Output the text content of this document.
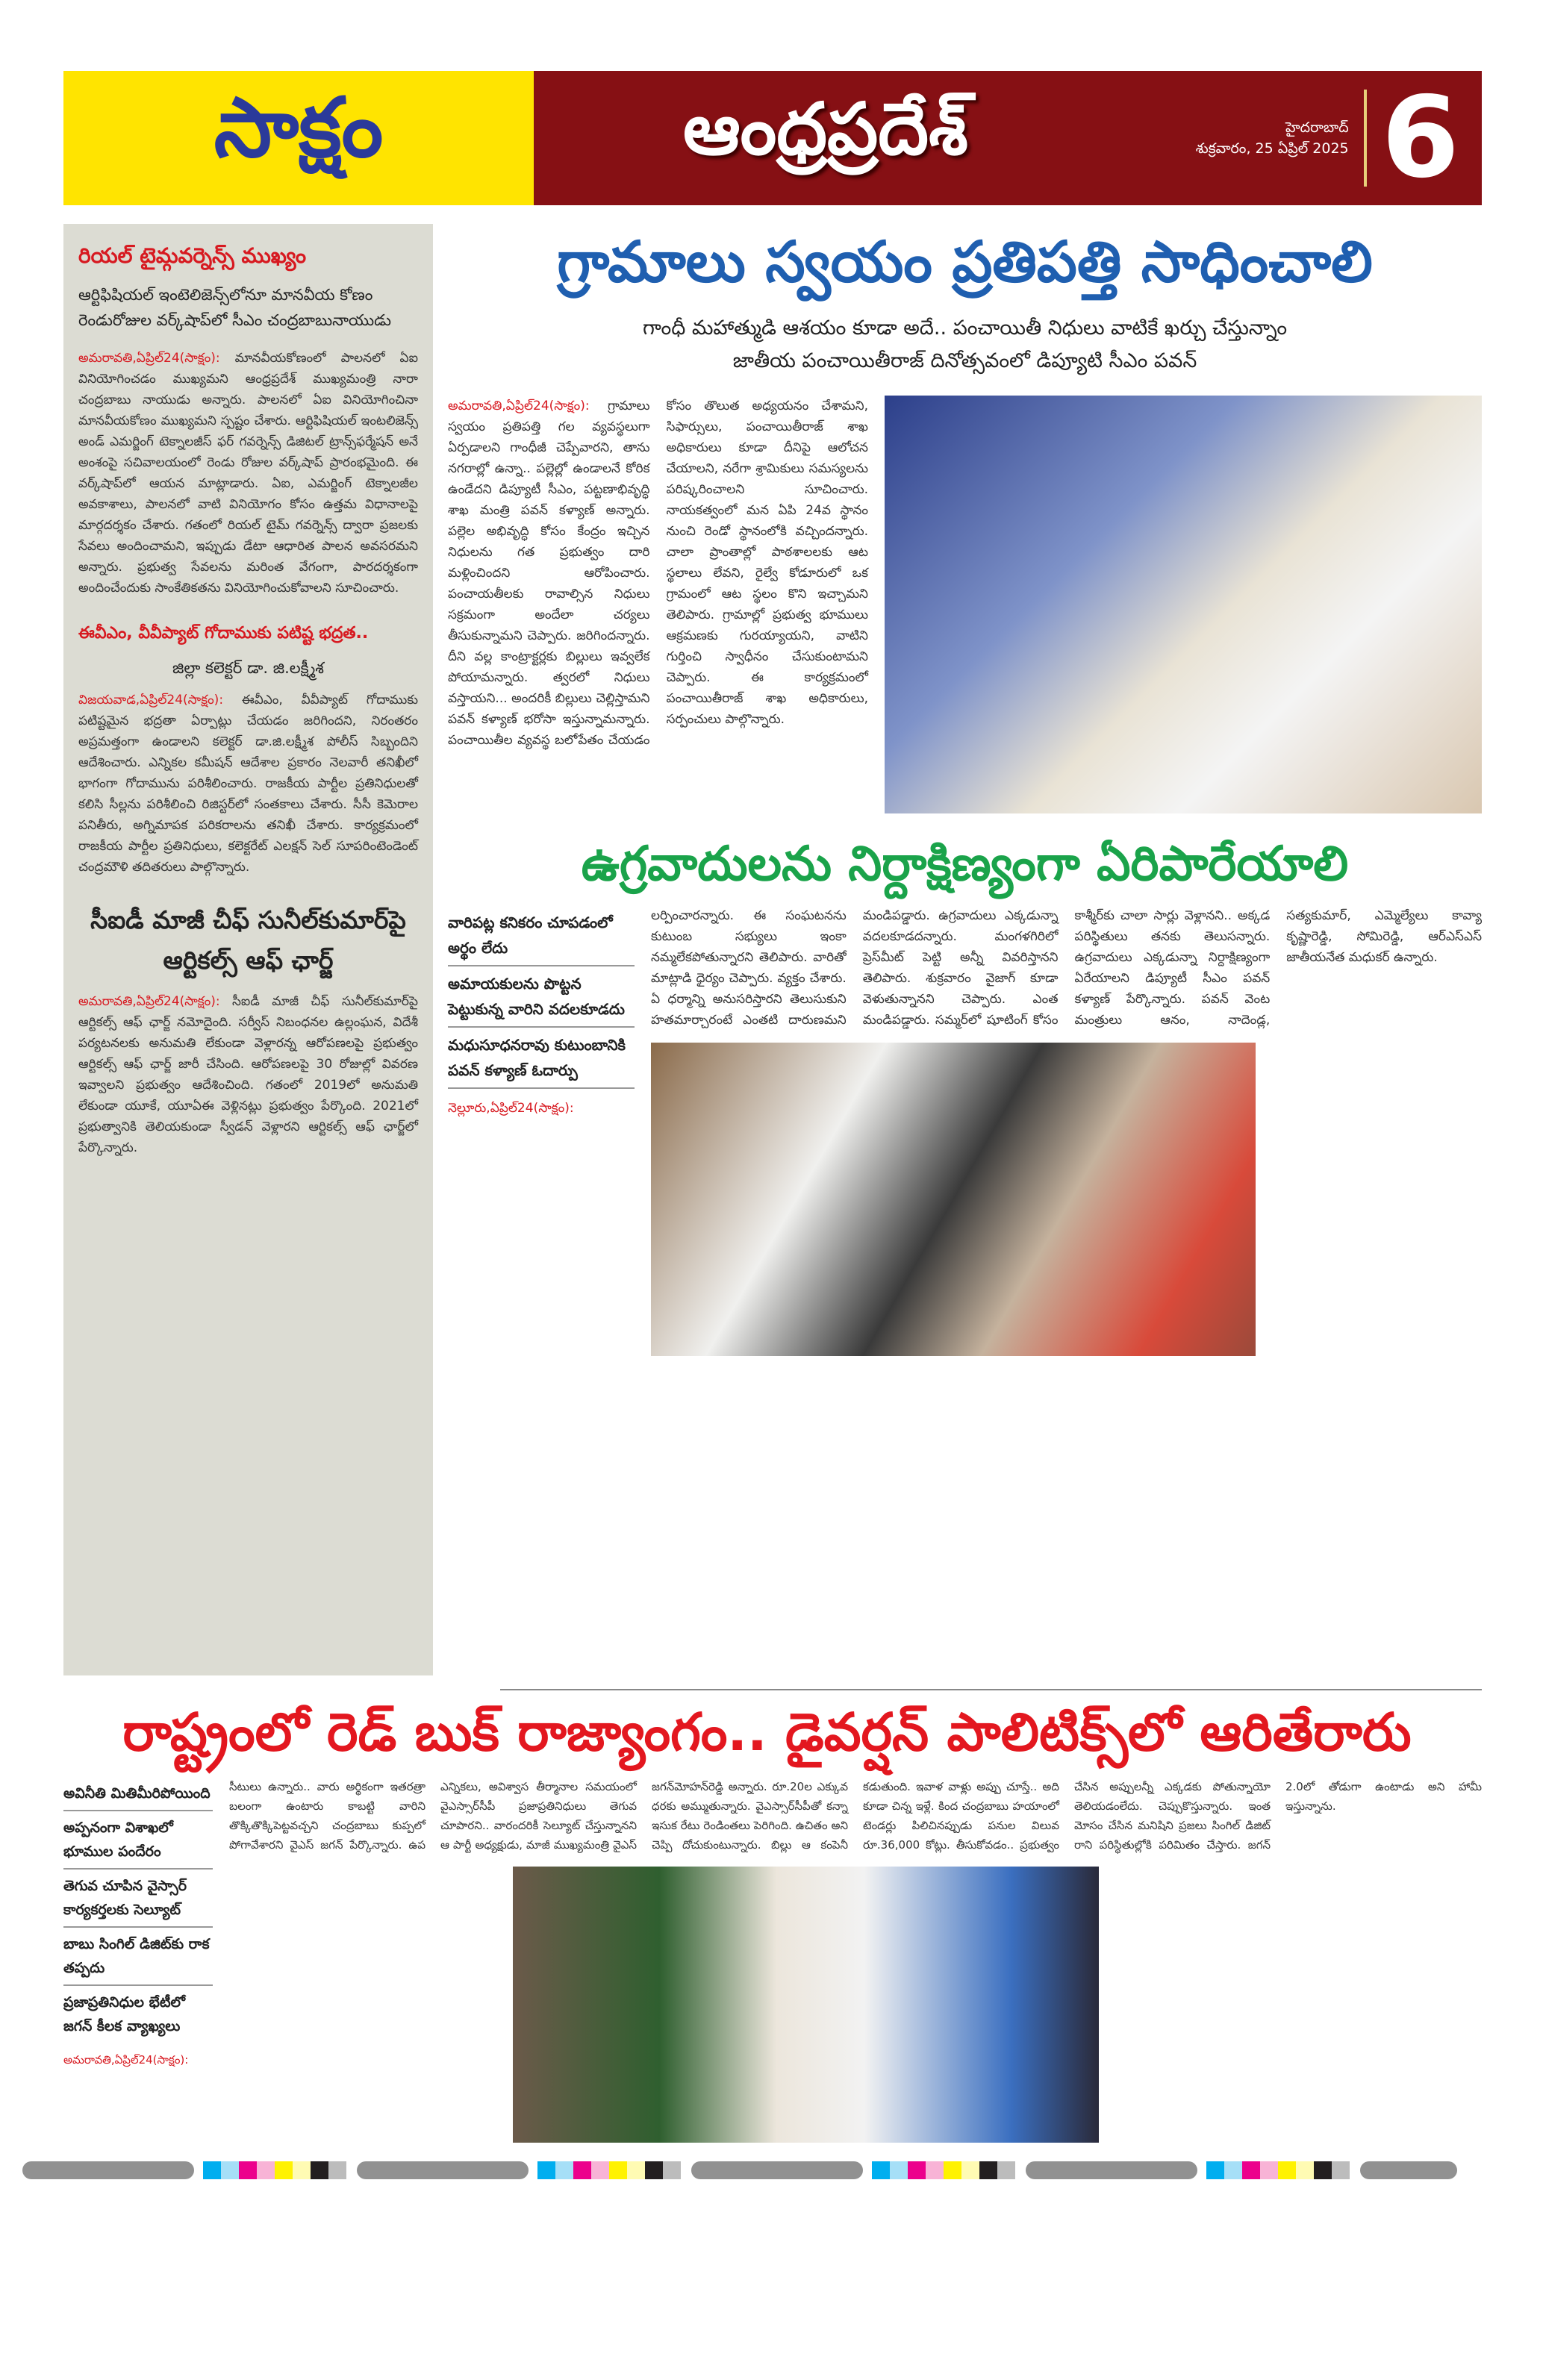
సాక్షం	ఆంధ్రప్రదేశ్	హైదరాబాద్
శుక్రవారం, 25 ఏప్రిల్ 2025 6
రియల్ టైమ్గవర్నెన్స్ ముఖ్యం
ఆర్టిఫిషియల్ ఇంటెలిజెన్స్‌లోనూ మానవీయ కోణం రెండురోజుల వర్క్‌షాప్‌లో సీఎం చంద్రబాబునాయుడు
అమరావతి,ఏప్రిల్24(సాక్షం): మానవీయకోణంలో పాలనలో ఏఐ వినియోగించడం ముఖ్యమని ఆంధ్రప్రదేశ్ ముఖ్యమంత్రి నారా చంద్రబాబు నాయుడు అన్నారు. పాలనలో ఏఐ వినియోగించినా మానవీయకోణం ముఖ్యమని స్పష్టం చేశారు. ఆర్టిఫిషియల్ ఇంటలిజెన్స్ అండ్ ఎమర్జింగ్ టెక్నాలజీస్ ఫర్ గవర్నెన్స్ డిజిటల్ ట్రాన్స్‌ఫర్మేషన్ అనే అంశంపై సచివాలయంలో రెండు రోజుల వర్క్‌షాప్ ప్రారంభమైంది. ఈ వర్క్‌షాప్‌లో ఆయన మాట్లాడారు. ఏఐ, ఎమర్జింగ్ టెక్నాలజీల అవకాశాలు, పాలనలో వాటి వినియోగం కోసం ఉత్తమ విధానాలపై మార్గదర్శకం చేశారు. గతంలో రియల్ టైమ్ గవర్నెన్స్ ద్వారా ప్రజలకు సేవలు అందించామని, ఇప్పుడు డేటా ఆధారిత పాలన అవసరమని అన్నారు. ప్రభుత్వ సేవలను మరింత వేగంగా, పారదర్శకంగా అందించేందుకు సాంకేతికతను వినియోగించుకోవాలని సూచించారు.
ఈవీఎం, వీవీప్యాట్ గోదాముకు పటిష్ట భద్రత..
జిల్లా కలెక్టర్ డా. జి.లక్ష్మీశ
విజయవాడ,ఏప్రిల్24(సాక్షం): ఈవీఎం, వీవీప్యాట్ గోదాముకు పటిష్టమైన భద్రతా ఏర్పాట్లు చేయడం జరిగిందని, నిరంతరం అప్రమత్తంగా ఉండాలని కలెక్టర్ డా.జి.లక్ష్మీశ పోలీస్ సిబ్బందిని ఆదేశించారు. ఎన్నికల కమీషన్ ఆదేశాల ప్రకారం నెలవారీ తనిఖీలో భాగంగా గోదామును పరిశీలించారు. రాజకీయ పార్టీల ప్రతినిధులతో కలిసి సీల్లను పరిశీలించి రిజిస్టర్‌లో సంతకాలు చేశారు. సీసీ కెమెరాల పనితీరు, అగ్నిమాపక పరికరాలను తనిఖీ చేశారు. కార్యక్రమంలో రాజకీయ పార్టీల ప్రతినిధులు, కలెక్టరేట్ ఎలక్షన్ సెల్ సూపరింటెండెంట్ చంద్రమౌళి తదితరులు పాల్గొన్నారు.
సీఐడీ మాజీ చీఫ్ సునీల్‌కుమార్‌పై ఆర్టికల్స్ ఆఫ్ ఛార్జ్
అమరావతి,ఏప్రిల్24(సాక్షం): సీఐడీ మాజీ చీఫ్ సునీల్‌కుమార్‌పై ఆర్టికల్స్ ఆఫ్ ఛార్జ్ నమోదైంది. సర్వీస్ నిబంధనల ఉల్లంఘన, విదేశీ పర్యటనలకు అనుమతి లేకుండా వెళ్లారన్న ఆరోపణలపై ప్రభుత్వం ఆర్టికల్స్ ఆఫ్ ఛార్జ్ జారీ చేసింది. ఆరోపణలపై 30 రోజుల్లో వివరణ ఇవ్వాలని ప్రభుత్వం ఆదేశించింది. గతంలో 2019లో అనుమతి లేకుండా యూకే, యూఏఈ వెళ్లినట్లు ప్రభుత్వం పేర్కొంది. 2021లో ప్రభుత్వానికి తెలియకుండా స్వీడన్ వెళ్లారని ఆర్టికల్స్ ఆఫ్ ఛార్జ్‌లో పేర్కొన్నారు.
గ్రామాలు స్వయం ప్రతిపత్తి సాధించాలి
గాంధీ మహాత్ముడి ఆశయం కూడా అదే.. పంచాయితీ నిధులు వాటికే ఖర్చు చేస్తున్నాం
జాతీయ పంచాయితీరాజ్ దినోత్సవంలో డిప్యూటి సీఎం పవన్
అమరావతి,ఏప్రిల్24(సాక్షం): గ్రామాలు స్వయం ప్రతిపత్తి గల వ్యవస్థలుగా ఏర్పడాలని గాంధీజీ చెప్పేవారని, తాను నగరాల్లో ఉన్నా.. పల్లెల్లో ఉండాలనే కోరిక ఉండేదని డిప్యూటీ సీఎం, పట్టణాభివృద్ధి శాఖ మంత్రి పవన్ కళ్యాణ్ అన్నారు. పల్లెల అభివృద్ధి కోసం కేంద్రం ఇచ్చిన నిధులను గత ప్రభుత్వం దారి మళ్లించిందని ఆరోపించారు. పంచాయతీలకు రావాల్సిన నిధులు సక్రమంగా అందేలా చర్యలు తీసుకున్నామని చెప్పారు. జరిగిందన్నారు. దీని వల్ల కాంట్రాక్టర్లకు బిల్లులు ఇవ్వలేక పోయామన్నారు. త్వరలో నిధులు వస్తాయని... అందరికీ బిల్లులు చెల్లిస్తామని పవన్ కళ్యాణ్ భరోసా ఇస్తున్నామన్నారు. పంచాయితీల వ్యవస్థ బలోపేతం చేయడం కోసం తొలుత అధ్యయనం చేశామని, సిఫార్సులు, పంచాయితీరాజ్ శాఖ అధికారులు కూడా దీనిపై ఆలోచన చేయాలని, నరేగా శ్రామికులు సమస్యలను పరిష్కరించాలని సూచించారు. నాయకత్వంలో మన ఏపి 24వ స్థానం నుంచి రెండో స్థానంలోకి వచ్చిందన్నారు. చాలా ప్రాంతాల్లో పాఠశాలలకు ఆట స్థలాలు లేవని, రైల్వే కోడూరులో ఒక గ్రామంలో ఆట స్థలం కొని ఇచ్చామని తెలిపారు. గ్రామాల్లో ప్రభుత్వ భూములు ఆక్రమణకు గురయ్యాయని, వాటిని గుర్తించి స్వాధీనం చేసుకుంటామని చెప్పారు. ఈ కార్యక్రమంలో పంచాయితీరాజ్ శాఖ అధికారులు, సర్పంచులు పాల్గొన్నారు.
ఉగ్రవాదులను నిర్దాక్షిణ్యంగా ఏరిపారేయాలి
వారిపట్ల కనికరం చూపడంలో అర్థం లేదు
అమాయకులను పొట్టన పెట్టుకున్న వారిని వదలకూడదు
మధుసూధనరావు కుటుంబానికి పవన్ కళ్యాణ్ ఓదార్పు
నెల్లూరు,ఏప్రిల్24(సాక్షం):
లర్పించారన్నారు. ఈ సంఘటనను కుటుంబ సభ్యులు ఇంకా నమ్మలేకపోతున్నారని తెలిపారు. వారితో మాట్లాడి ధైర్యం చెప్పారు. వ్యక్తం చేశారు. ఏ ధర్మాన్ని అనుసరిస్తారని తెలుసుకుని హతమార్చారంటే ఎంతటి దారుణమని మండిపడ్డారు. ఉగ్రవాదులు ఎక్కడున్నా వదలకూడదన్నారు. మంగళగిరిలో ప్రెస్‌మీట్ పెట్టి అన్నీ వివరిస్తానని తెలిపారు. శుక్రవారం వైజాగ్ కూడా వెళుతున్నానని చెప్పారు. ఎంత మండిపడ్డారు. సమ్మర్‌లో షూటింగ్ కోసం కాశ్మీర్‌కు చాలా సార్లు వెళ్లానని.. అక్కడ పరిస్థితులు తనకు తెలుసన్నారు. ఉగ్రవాదులు ఎక్కడున్నా నిర్దాక్షిణ్యంగా ఏరేయాలని డిప్యూటీ సీఎం పవన్ కళ్యాణ్ పేర్కొన్నారు. పవన్ వెంట మంత్రులు ఆనం, నాదెండ్ల, సత్యకుమార్, ఎమ్మెల్యేలు కావ్యా కృష్ణారెడ్డి, సోమిరెడ్డి, ఆర్‌ఎస్‌ఎస్ జాతీయనేత మధుకర్ ఉన్నారు.
రాష్ట్రంలో రెడ్ బుక్ రాజ్యాంగం.. డైవర్షన్ పాలిటిక్స్‌లో ఆరితేరారు
అవినీతి మితిమీరిపోయింది
అప్పనంగా విశాఖలో భూముల పందేరం
తెగువ చూపిన వైస్సార్ కార్యకర్తలకు సెల్యూట్
బాబు సింగిల్ డిజిట్‌కు రాక తప్పదు
ప్రజాప్రతినిధుల భేటీలో జగన్ కీలక వ్యాఖ్యలు
అమరావతి,ఏప్రిల్24(సాక్షం):
సీటులు ఉన్నారు.. వారు అర్థికంగా ఇతరత్రా బలంగా ఉంటారు కాబట్టి వారిని తొక్కితొక్కిపెట్టవచ్చని చంద్రబాబు కుప్పలో పోగావేశారని వైఎస్ జగన్ పేర్కొన్నారు. ఉప ఎన్నికలు, అవిశ్వాస తీర్మానాల సమయంలో వైఎస్సార్‌సీపీ ప్రజాప్రతినిధులు తెగువ చూపారని.. వారందరికీ సెల్యూట్ చేస్తున్నానని ఆ పార్టీ అధ్యక్షుడు, మాజీ ముఖ్యమంత్రి వైఎస్ జగన్‌మోహన్‌రెడ్డి అన్నారు. రూ.20ల ఎక్కువ ధరకు అమ్ముతున్నారు. వైఎస్సార్‌సీపీతో కన్నా ఇసుక రేటు రెండింతలు పెరిగింది. ఉచితం అని చెప్పి దోచుకుంటున్నారు. బిల్లు ఆ కంపెనీ కడుతుంది. ఇవాళ వాళ్లు అప్పు చూస్తే.. అది కూడా చిన్న ఇళ్లే. కింద చంద్రబాబు హయాంలో టెండర్లు పిలిచినప్పుడు పనుల విలువ రూ.36,000 కోట్లు. తీసుకోవడం.. ప్రభుత్వం చేసిన అప్పులన్నీ ఎక్కడకు పోతున్నాయో తెలియడంలేదు. చెప్పుకొస్తున్నారు. ఇంత మోసం చేసిన మనిషిని ప్రజలు సింగిల్ డిజిట్ రాని పరిస్థితుల్లోకి పరిమితం చేస్తారు. జగన్ 2.0లో తోడుగా ఉంటాడు అని హామీ ఇస్తున్నాను.
